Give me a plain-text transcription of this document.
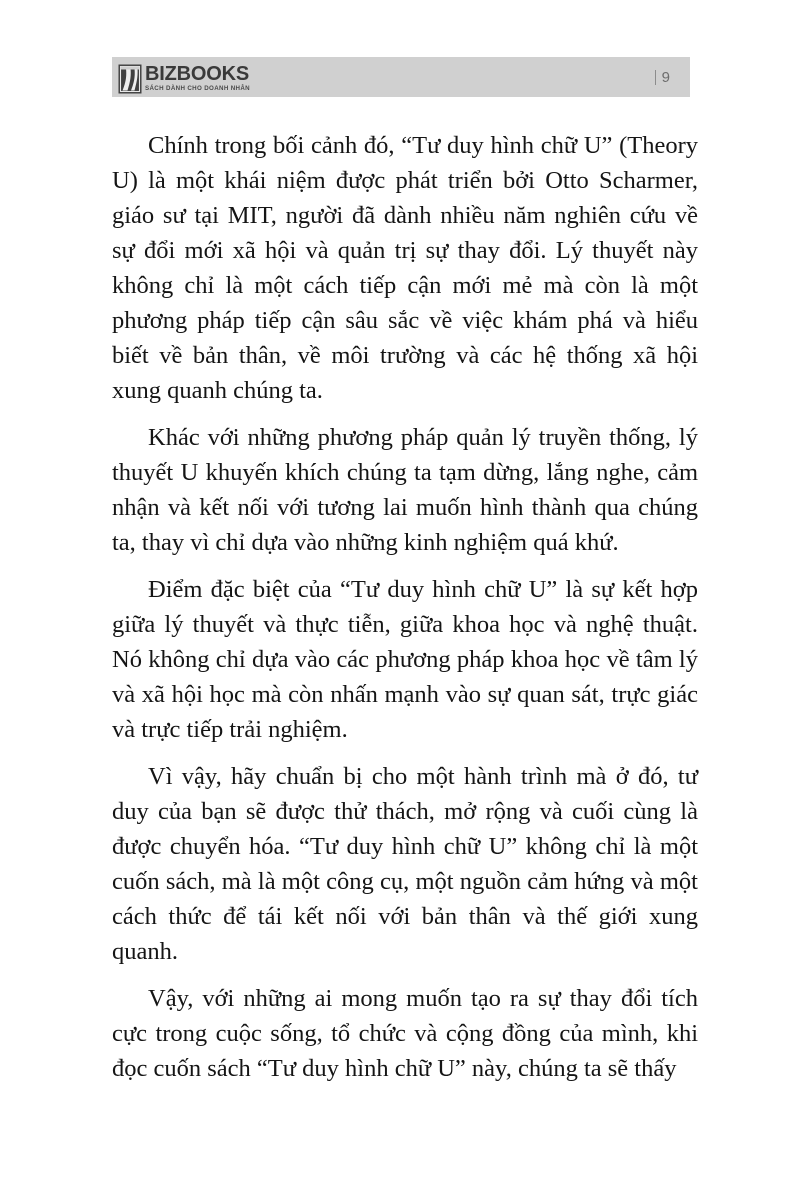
BIZBOOKS
SÁCH DÀNH CHO DOANH NHÂN
9

Chính trong bối cảnh đó, “Tư duy hình chữ U” (Theory U) là một khái niệm được phát triển bởi Otto Scharmer, giáo sư tại MIT, người đã dành nhiều năm nghiên cứu về sự đổi mới xã hội và quản trị sự thay đổi. Lý thuyết này không chỉ là một cách tiếp cận mới mẻ mà còn là một phương pháp tiếp cận sâu sắc về việc khám phá và hiểu biết về bản thân, về môi trường và các hệ thống xã hội xung quanh chúng ta.

Khác với những phương pháp quản lý truyền thống, lý thuyết U khuyến khích chúng ta tạm dừng, lắng nghe, cảm nhận và kết nối với tương lai muốn hình thành qua chúng ta, thay vì chỉ dựa vào những kinh nghiệm quá khứ.

Điểm đặc biệt của “Tư duy hình chữ U” là sự kết hợp giữa lý thuyết và thực tiễn, giữa khoa học và nghệ thuật. Nó không chỉ dựa vào các phương pháp khoa học về tâm lý và xã hội học mà còn nhấn mạnh vào sự quan sát, trực giác và trực tiếp trải nghiệm.

Vì vậy, hãy chuẩn bị cho một hành trình mà ở đó, tư duy của bạn sẽ được thử thách, mở rộng và cuối cùng là được chuyển hóa. “Tư duy hình chữ U” không chỉ là một cuốn sách, mà là một công cụ, một nguồn cảm hứng và một cách thức để tái kết nối với bản thân và thế giới xung quanh.

Vậy, với những ai mong muốn tạo ra sự thay đổi tích cực trong cuộc sống, tổ chức và cộng đồng của mình, khi đọc cuốn sách “Tư duy hình chữ U” này, chúng ta sẽ thấy
